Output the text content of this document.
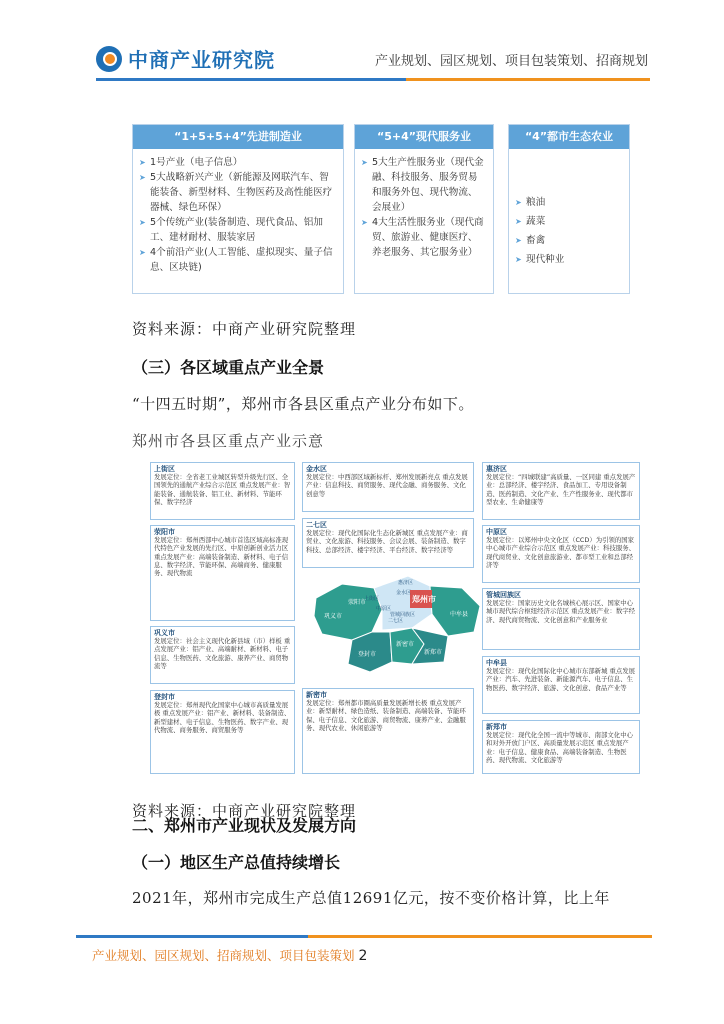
中商产业研究院	产业规划、园区规划、项目包装策划、招商规划
“1+5+5+4”先进制造业
➤ 1号产业（电子信息）
➤ 5大战略新兴产业（新能源及网联汽车、智能装备、新型材料、生物医药及高性能医疗器械、绿色环保）
➤ 5个传统产业(装备制造、现代食品、铝加工、建材耐材、服装家居
➤ 4个前沿产业(人工智能、虚拟现实、量子信息、区块链)
“5+4”现代服务业
➤ 5大生产性服务业（现代金融、科技服务、服务贸易和服务外包、现代物流、会展业）
➤ 4大生活性服务业（现代商贸、旅游业、健康医疗、养老服务、其它服务业）
“4”都市生态农业
➤ 粮油
➤ 蔬菜
➤ 畜禽
➤ 现代种业
资料来源：中商产业研究院整理
（三）各区域重点产业全景
“十四五时期”，郑州市各县区重点产业分布如下。
郑州市各县区重点产业示意
上街区
发展定位：全省老工业城区转型升级先行区、全国领先的通航产业综合示范区 重点发展产业：智能装备、通航装备、铝工业、新材料、节能环保、数字经济
金水区
发展定位：中西部区域新标杆、郑州发展新亮点 重点发展产业：信息科技、商贸服务、现代金融、商务服务、文化创意等
惠济区
发展定位：“四城联建”高质量、一区同建 重点发展产业：总部经济、楼宇经济、食品加工、专用设备制造、医药制造、文化产业、生产性服务业、现代都市型农业、生命健康等
荥阳市
发展定位：郑州西部中心城市首选区域高标准现代特色产业发展的先行区、中原创新创业活力区 重点发展产业：高端装备制造、新材料、电子信息、数字经济、节能环保、高端商务、健康服务、现代物流
二七区
发展定位：现代化国际化生态化新城区 重点发展产业：商贸业、文化旅游、科技服务、会议会展、装备制造、数字科技、总部经济、楼宇经济、平台经济、数字经济等
中原区
发展定位：以郑州中央文化区（CCD）为引领的国家中心城市产业综合示范区 重点发展产业：科技服务、现代商贸业、文化创意旅游业、都市型工业和总部经济等
巩义市
发展定位：社会主义现代化新县域（市）样板 重点发展产业：铝产业、高端耐材、新材料、电子信息、生物医药、文化旅游、康养产业、商贸物流等
管城回族区
发展定位：国家历史文化名城核心展示区、国家中心城市现代综合枢纽经济示范区 重点发展产业：数字经济、现代商贸物流、文化创意和产业服务业
中牟县
发展定位：现代化国际化中心城市东部新城 重点发展产业：汽车、先进装备、新能源汽车、电子信息、生物医药、数字经济、旅游、文化创意、食品产业等
登封市
发展定位：郑州现代化国家中心城市高质量发展极 重点发展产业：铝产业、新材料、装备制造、新型建材、电子信息、生物医药、数字产业、现代物流、商务服务、商贸服务等
新密市
发展定位：郑州都市圈高质量发展新增长极 重点发展产业：新型耐材、绿色造纸、装备制造、高端装备、节能环保、电子信息、文化旅游、商贸物流、康养产业、金融服务、现代农业、休闲旅游等	新郑市
发展定位：现代化全国一流中等城市、南部文化中心和对外开放门户区、高质量发展示范区 重点发展产业：电子信息、健康食品、高端装备制造、生物医药、现代物流、文化旅游等
上街区
惠济区
金水区
中原区
管城回族区
二七区
郑州市
巩义市
荥阳市
中牟县
新密市
登封市	新郑市
资料来源：中商产业研究院整理
二、郑州市产业现状及发展方向
（一）地区生产总值持续增长
2021年，郑州市完成生产总值12691亿元，按不变价格计算，比上年
产业规划、园区规划、招商规划、项目包装策划 2
